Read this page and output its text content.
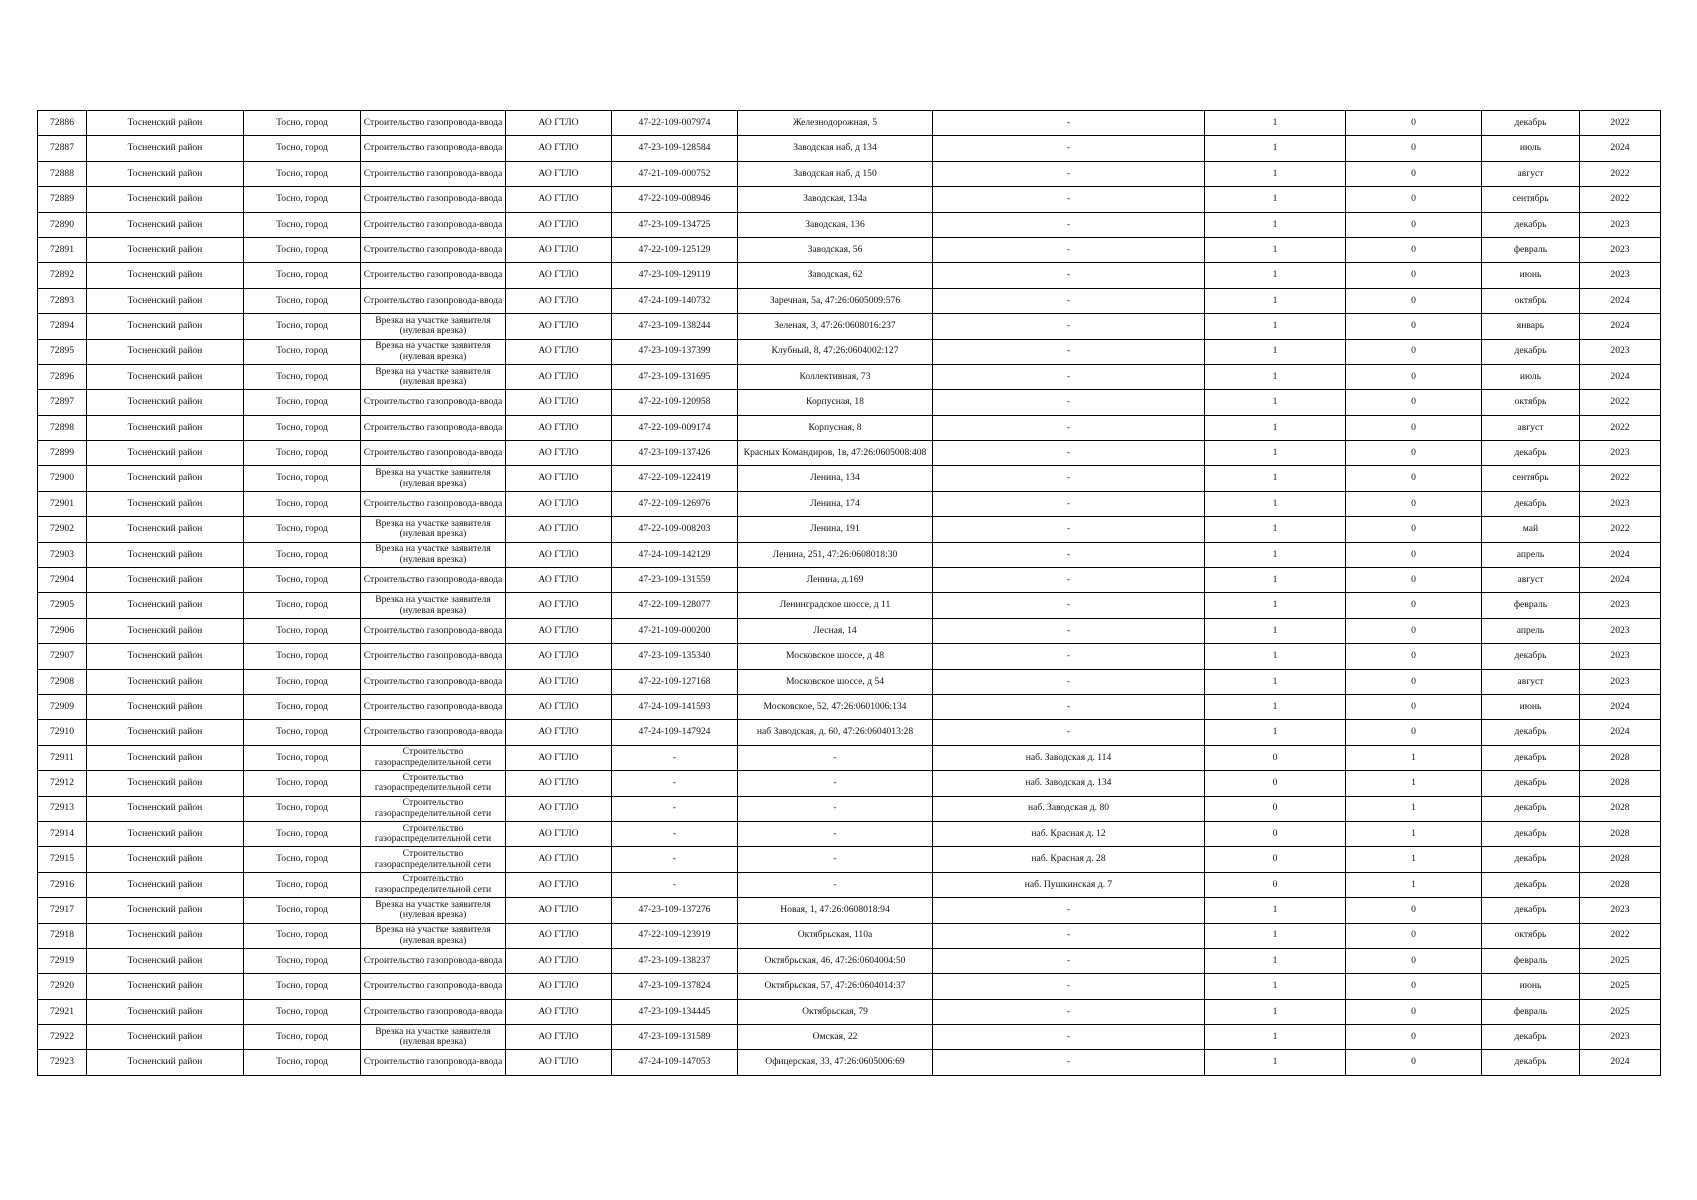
72886	Тосненский район	Тосно, город	Строительство газопровода-ввода	АО ГТЛО	47-22-109-007974	Железнодорожная, 5	-	1	0	декабрь	2022
72887	Тосненский район	Тосно, город	Строительство газопровода-ввода	АО ГТЛО	47-23-109-128584	Заводская наб, д 134	-	1	0	июль	2024
72888	Тосненский район	Тосно, город	Строительство газопровода-ввода	АО ГТЛО	47-21-109-000752	Заводская наб, д 150	-	1	0	август	2022
72889	Тосненский район	Тосно, город	Строительство газопровода-ввода	АО ГТЛО	47-22-109-008946	Заводская, 134а	-	1	0	сентябрь	2022
72890	Тосненский район	Тосно, город	Строительство газопровода-ввода	АО ГТЛО	47-23-109-134725	Заводская, 136	-	1	0	декабрь	2023
72891	Тосненский район	Тосно, город	Строительство газопровода-ввода	АО ГТЛО	47-22-109-125129	Заводская, 56	-	1	0	февраль	2023
72892	Тосненский район	Тосно, город	Строительство газопровода-ввода	АО ГТЛО	47-23-109-129119	Заводская, 62	-	1	0	июнь	2023
72893	Тосненский район	Тосно, город	Строительство газопровода-ввода	АО ГТЛО	47-24-109-140732	Заречная, 5а, 47:26:0605009:576	-	1	0	октябрь	2024
72894	Тосненский район	Тосно, город	Врезка на участке заявителя (нулевая врезка)	АО ГТЛО	47-23-109-138244	Зеленая, 3, 47:26:0608016:237	-	1	0	январь	2024
72895	Тосненский район	Тосно, город	Врезка на участке заявителя (нулевая врезка)	АО ГТЛО	47-23-109-137399	Клубный, 8, 47:26:0604002:127	-	1	0	декабрь	2023
72896	Тосненский район	Тосно, город	Врезка на участке заявителя (нулевая врезка)	АО ГТЛО	47-23-109-131695	Коллективная, 73	-	1	0	июль	2024
72897	Тосненский район	Тосно, город	Строительство газопровода-ввода	АО ГТЛО	47-22-109-120958	Корпусная, 18	-	1	0	октябрь	2022
72898	Тосненский район	Тосно, город	Строительство газопровода-ввода	АО ГТЛО	47-22-109-009174	Корпусная, 8	-	1	0	август	2022
72899	Тосненский район	Тосно, город	Строительство газопровода-ввода	АО ГТЛО	47-23-109-137426	Красных Командиров, 1в, 47:26:0605008:408	-	1	0	декабрь	2023
72900	Тосненский район	Тосно, город	Врезка на участке заявителя (нулевая врезка)	АО ГТЛО	47-22-109-122419	Ленина, 134	-	1	0	сентябрь	2022
72901	Тосненский район	Тосно, город	Строительство газопровода-ввода	АО ГТЛО	47-22-109-126976	Ленина, 174	-	1	0	декабрь	2023
72902	Тосненский район	Тосно, город	Врезка на участке заявителя (нулевая врезка)	АО ГТЛО	47-22-109-008203	Ленина, 191	-	1	0	май	2022
72903	Тосненский район	Тосно, город	Врезка на участке заявителя (нулевая врезка)	АО ГТЛО	47-24-109-142129	Ленина, 251, 47:26:0608018:30	-	1	0	апрель	2024
72904	Тосненский район	Тосно, город	Строительство газопровода-ввода	АО ГТЛО	47-23-109-131559	Ленина, д.169	-	1	0	август	2024
72905	Тосненский район	Тосно, город	Врезка на участке заявителя (нулевая врезка)	АО ГТЛО	47-22-109-128077	Ленинградское шоссе, д 11	-	1	0	февраль	2023
72906	Тосненский район	Тосно, город	Строительство газопровода-ввода	АО ГТЛО	47-21-109-000200	Лесная, 14	-	1	0	апрель	2023
72907	Тосненский район	Тосно, город	Строительство газопровода-ввода	АО ГТЛО	47-23-109-135340	Московское шоссе, д 48	-	1	0	декабрь	2023
72908	Тосненский район	Тосно, город	Строительство газопровода-ввода	АО ГТЛО	47-22-109-127168	Московское шоссе, д 54	-	1	0	август	2023
72909	Тосненский район	Тосно, город	Строительство газопровода-ввода	АО ГТЛО	47-24-109-141593	Московское, 52, 47:26:0601006:134	-	1	0	июнь	2024
72910	Тосненский район	Тосно, город	Строительство газопровода-ввода	АО ГТЛО	47-24-109-147924	наб Заводская, д. 60, 47:26:0604013:28	-	1	0	декабрь	2024
72911	Тосненский район	Тосно, город	Строительство газораспределительной сети	АО ГТЛО	-	-	наб. Заводская д. 114	0	1	декабрь	2028
72912	Тосненский район	Тосно, город	Строительство газораспределительной сети	АО ГТЛО	-	-	наб. Заводская д. 134	0	1	декабрь	2028
72913	Тосненский район	Тосно, город	Строительство газораспределительной сети	АО ГТЛО	-	-	наб. Заводская д. 80	0	1	декабрь	2028
72914	Тосненский район	Тосно, город	Строительство газораспределительной сети	АО ГТЛО	-	-	наб. Красная д. 12	0	1	декабрь	2028
72915	Тосненский район	Тосно, город	Строительство газораспределительной сети	АО ГТЛО	-	-	наб. Красная д. 28	0	1	декабрь	2028
72916	Тосненский район	Тосно, город	Строительство газораспределительной сети	АО ГТЛО	-	-	наб. Пушкинская д. 7	0	1	декабрь	2028
72917	Тосненский район	Тосно, город	Врезка на участке заявителя (нулевая врезка)	АО ГТЛО	47-23-109-137276	Новая, 1, 47:26:0608018:94	-	1	0	декабрь	2023
72918	Тосненский район	Тосно, город	Врезка на участке заявителя (нулевая врезка)	АО ГТЛО	47-22-109-123919	Октябрьская, 110а	-	1	0	октябрь	2022
72919	Тосненский район	Тосно, город	Строительство газопровода-ввода	АО ГТЛО	47-23-109-138237	Октябрьская, 46, 47:26:0604004:50	-	1	0	февраль	2025
72920	Тосненский район	Тосно, город	Строительство газопровода-ввода	АО ГТЛО	47-23-109-137824	Октябрьская, 57, 47:26:0604014:37	-	1	0	июнь	2025
72921	Тосненский район	Тосно, город	Строительство газопровода-ввода	АО ГТЛО	47-23-109-134445	Октябрьская, 79	-	1	0	февраль	2025
72922	Тосненский район	Тосно, город	Врезка на участке заявителя (нулевая врезка)	АО ГТЛО	47-23-109-131589	Омская, 22	-	1	0	декабрь	2023
72923	Тосненский район	Тосно, город	Строительство газопровода-ввода	АО ГТЛО	47-24-109-147053	Офицерская, 33, 47:26:0605006:69	-	1	0	декабрь	2024
